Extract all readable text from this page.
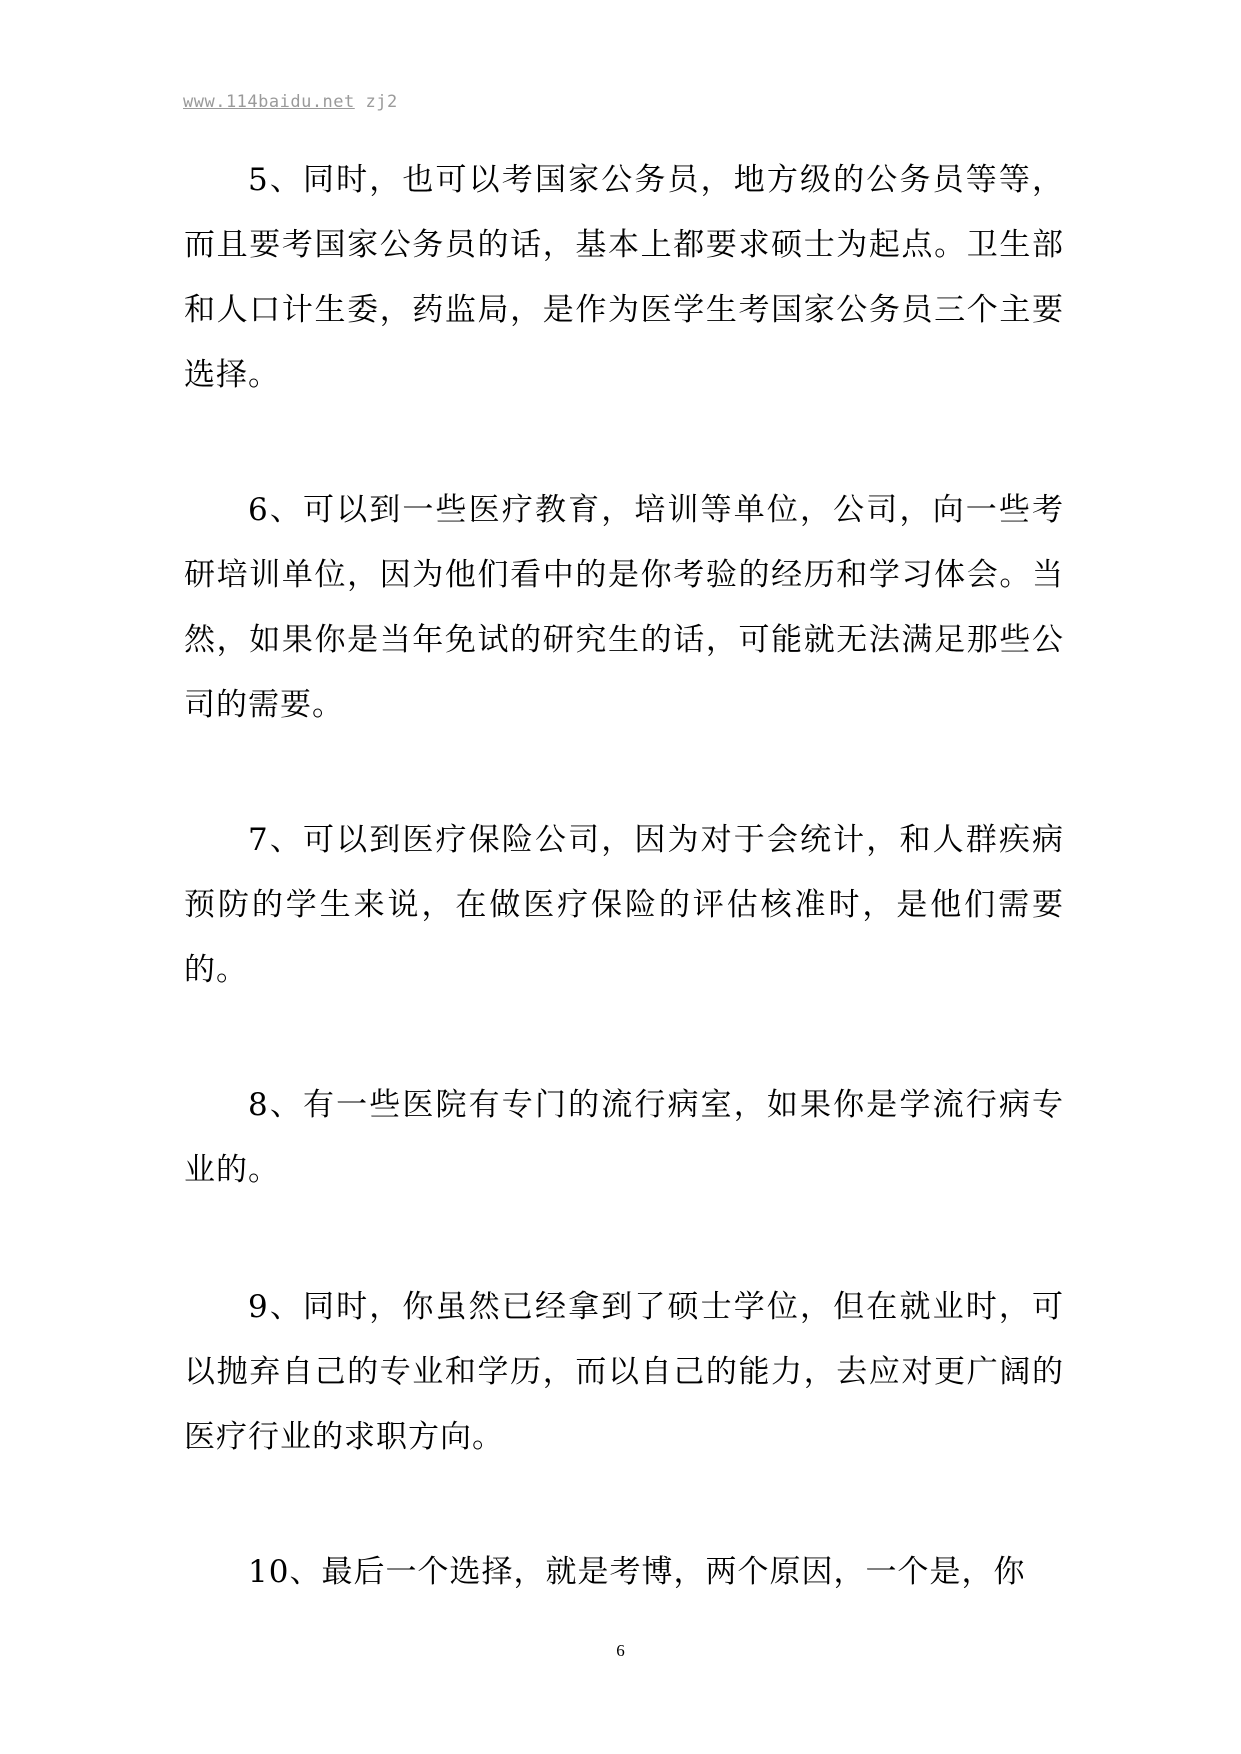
www.114baidu.net zj2

5、同时，也可以考国家公务员，地方级的公务员等等，而且要考国家公务员的话，基本上都要求硕士为起点。卫生部和人口计生委，药监局，是作为医学生考国家公务员三个主要选择。

6、可以到一些医疗教育，培训等单位，公司，向一些考研培训单位，因为他们看中的是你考验的经历和学习体会。当然，如果你是当年免试的研究生的话，可能就无法满足那些公司的需要。

7、可以到医疗保险公司，因为对于会统计，和人群疾病预防的学生来说，在做医疗保险的评估核准时，是他们需要的。

8、有一些医院有专门的流行病室，如果你是学流行病专业的。

9、同时，你虽然已经拿到了硕士学位，但在就业时，可以抛弃自己的专业和学历，而以自己的能力，去应对更广阔的医疗行业的求职方向。

10、最后一个选择，就是考博，两个原因，一个是，你

6
